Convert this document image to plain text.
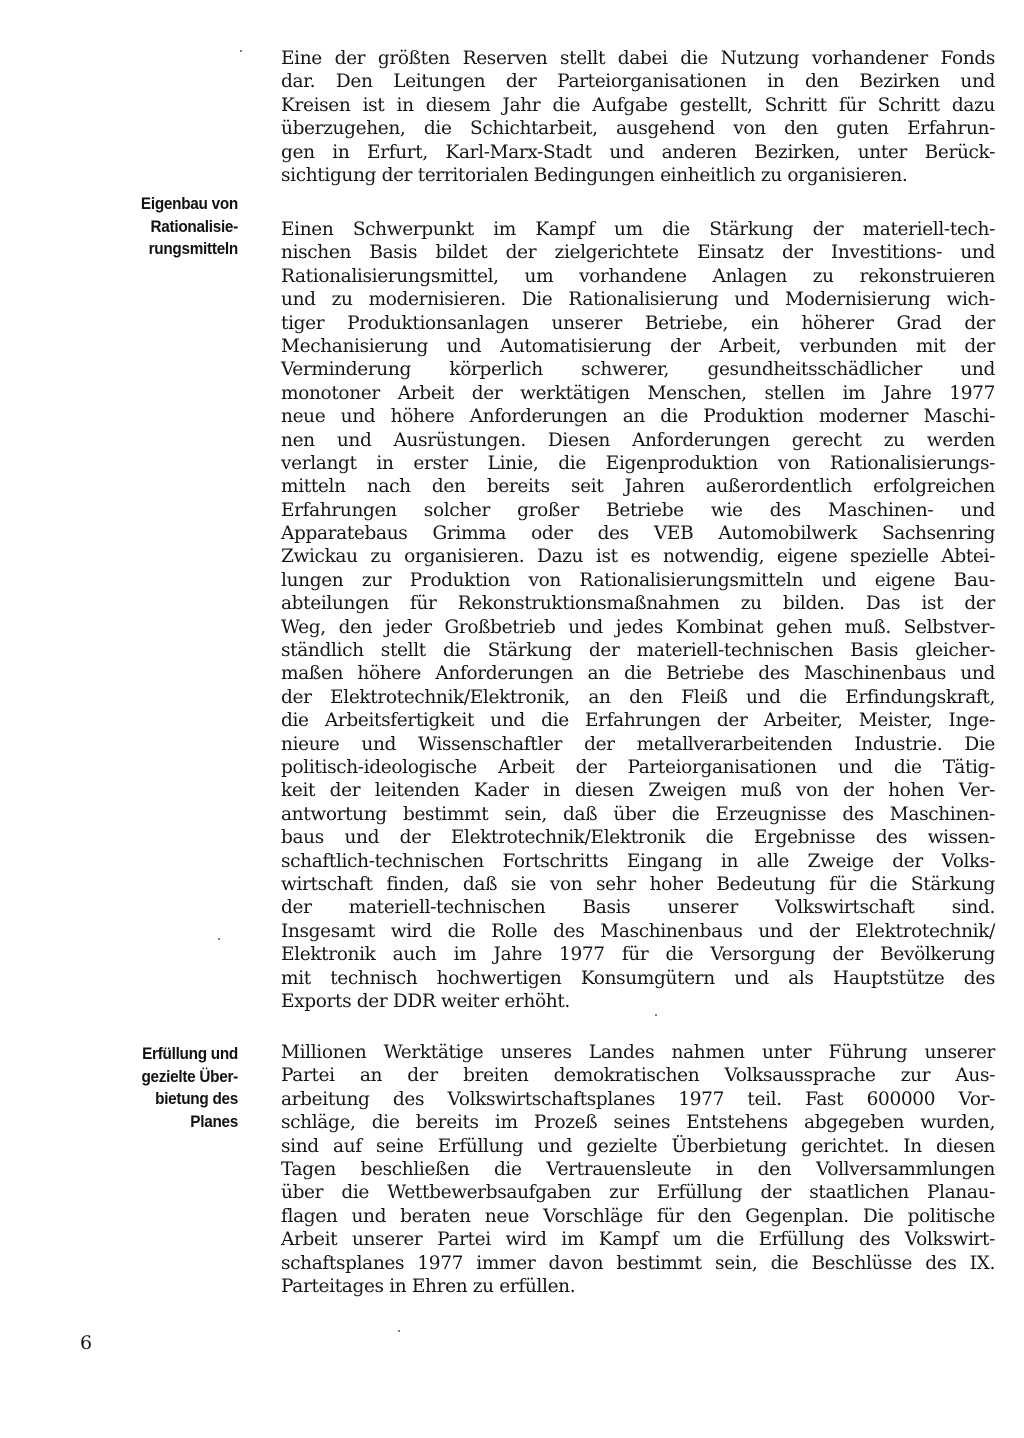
Eine der größten Reserven stellt dabei die Nutzung vorhandener Fonds
dar. Den Leitungen der Parteiorganisationen in den Bezirken und
Kreisen ist in diesem Jahr die Aufgabe gestellt, Schritt für Schritt dazu
überzugehen, die Schichtarbeit, ausgehend von den guten Erfahrun-
gen in Erfurt, Karl-Marx-Stadt und anderen Bezirken, unter Berück-
sichtigung der territorialen Bedingungen einheitlich zu organisieren.
Eigenbau von
Rationalisie-
rungsmitteln
Einen Schwerpunkt im Kampf um die Stärkung der materiell-tech-
nischen Basis bildet der zielgerichtete Einsatz der Investitions- und
Rationalisierungsmittel, um vorhandene Anlagen zu rekonstruieren
und zu modernisieren. Die Rationalisierung und Modernisierung wich-
tiger Produktionsanlagen unserer Betriebe, ein höherer Grad der
Mechanisierung und Automatisierung der Arbeit, verbunden mit der
Verminderung körperlich schwerer, gesundheitsschädlicher und
monotoner Arbeit der werktätigen Menschen, stellen im Jahre 1977
neue und höhere Anforderungen an die Produktion moderner Maschi-
nen und Ausrüstungen. Diesen Anforderungen gerecht zu werden
verlangt in erster Linie, die Eigenproduktion von Rationalisierungs-
mitteln nach den bereits seit Jahren außerordentlich erfolgreichen
Erfahrungen solcher großer Betriebe wie des Maschinen- und
Apparatebaus Grimma oder des VEB Automobilwerk Sachsenring
Zwickau zu organisieren. Dazu ist es notwendig, eigene spezielle Abtei-
lungen zur Produktion von Rationalisierungsmitteln und eigene Bau-
abteilungen für Rekonstruktionsmaßnahmen zu bilden. Das ist der
Weg, den jeder Großbetrieb und jedes Kombinat gehen muß. Selbstver-
ständlich stellt die Stärkung der materiell-technischen Basis gleicher-
maßen höhere Anforderungen an die Betriebe des Maschinenbaus und
der Elektrotechnik/Elektronik, an den Fleiß und die Erfindungskraft,
die Arbeitsfertigkeit und die Erfahrungen der Arbeiter, Meister, Inge-
nieure und Wissenschaftler der metallverarbeitenden Industrie. Die
politisch-ideologische Arbeit der Parteiorganisationen und die Tätig-
keit der leitenden Kader in diesen Zweigen muß von der hohen Ver-
antwortung bestimmt sein, daß über die Erzeugnisse des Maschinen-
baus und der Elektrotechnik/Elektronik die Ergebnisse des wissen-
schaftlich-technischen Fortschritts Eingang in alle Zweige der Volks-
wirtschaft finden, daß sie von sehr hoher Bedeutung für die Stärkung
der materiell-technischen Basis unserer Volkswirtschaft sind.
Insgesamt wird die Rolle des Maschinenbaus und der Elektrotechnik/
Elektronik auch im Jahre 1977 für die Versorgung der Bevölkerung
mit technisch hochwertigen Konsumgütern und als Hauptstütze des
Exports der DDR weiter erhöht.
Erfüllung und
gezielte Über-
bietung des
Planes
Millionen Werktätige unseres Landes nahmen unter Führung unserer
Partei an der breiten demokratischen Volksaussprache zur Aus-
arbeitung des Volkswirtschaftsplanes 1977 teil. Fast 600000 Vor-
schläge, die bereits im Prozeß seines Entstehens abgegeben wurden,
sind auf seine Erfüllung und gezielte Überbietung gerichtet. In diesen
Tagen beschließen die Vertrauensleute in den Vollversammlungen
über die Wettbewerbsaufgaben zur Erfüllung der staatlichen Planau-
flagen und beraten neue Vorschläge für den Gegenplan. Die politische
Arbeit unserer Partei wird im Kampf um die Erfüllung des Volkswirt-
schaftsplanes 1977 immer davon bestimmt sein, die Beschlüsse des IX.
Parteitages in Ehren zu erfüllen.
6
